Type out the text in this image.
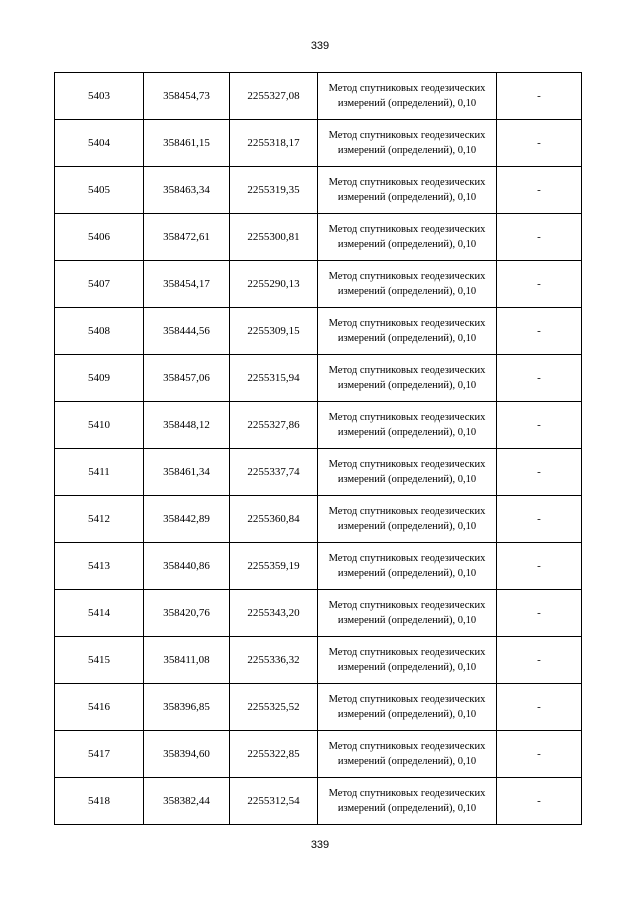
339
5403	358454,73	2255327,08	Метод спутниковых геодезических измерений (определений), 0,10	-
5404	358461,15	2255318,17	Метод спутниковых геодезических измерений (определений), 0,10	-
5405	358463,34	2255319,35	Метод спутниковых геодезических измерений (определений), 0,10	-
5406	358472,61	2255300,81	Метод спутниковых геодезических измерений (определений), 0,10	-
5407	358454,17	2255290,13	Метод спутниковых геодезических измерений (определений), 0,10	-
5408	358444,56	2255309,15	Метод спутниковых геодезических измерений (определений), 0,10	-
5409	358457,06	2255315,94	Метод спутниковых геодезических измерений (определений), 0,10	-
5410	358448,12	2255327,86	Метод спутниковых геодезических измерений (определений), 0,10	-
5411	358461,34	2255337,74	Метод спутниковых геодезических измерений (определений), 0,10	-
5412	358442,89	2255360,84	Метод спутниковых геодезических измерений (определений), 0,10	-
5413	358440,86	2255359,19	Метод спутниковых геодезических измерений (определений), 0,10	-
5414	358420,76	2255343,20	Метод спутниковых геодезических измерений (определений), 0,10	-
5415	358411,08	2255336,32	Метод спутниковых геодезических измерений (определений), 0,10	-
5416	358396,85	2255325,52	Метод спутниковых геодезических измерений (определений), 0,10	-
5417	358394,60	2255322,85	Метод спутниковых геодезических измерений (определений), 0,10	-
5418	358382,44	2255312,54	Метод спутниковых геодезических измерений (определений), 0,10	-
339
